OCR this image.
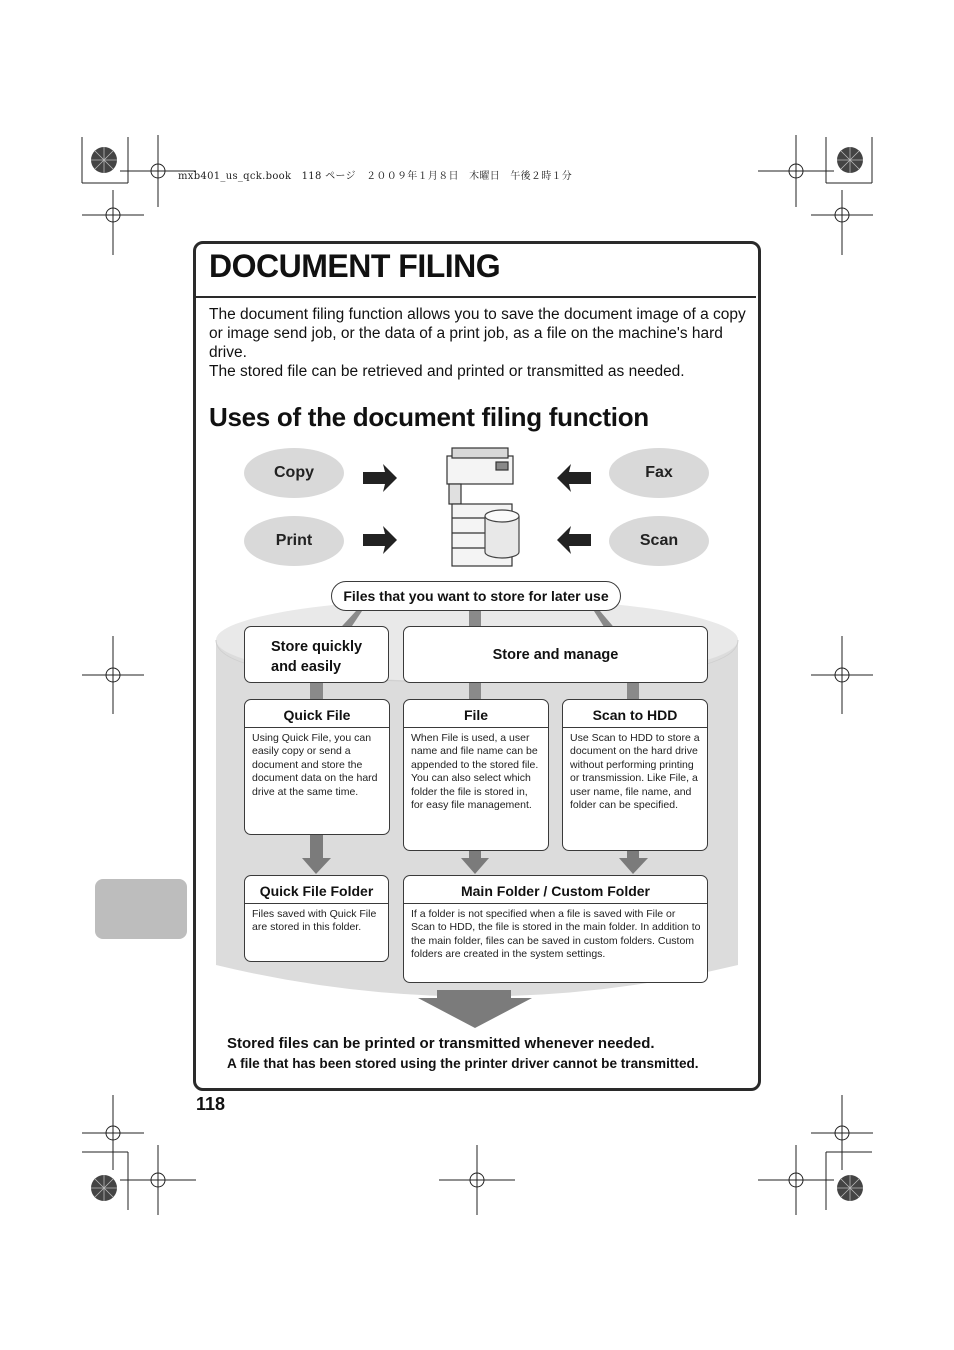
mxb401_us_qck.book　118 ページ　２００９年１月８日　木曜日　午後２時１分
DOCUMENT FILING

The document filing function allows you to save the document image of a copy or image send job, or the data of a print job, as a file on the machine's hard drive.

The stored file can be retrieved and printed or transmitted as needed.

Uses of the document filing function
Copy
Print
Fax
Scan
Files that you want to store for later use
Store quickly and easily
Store and manage
Quick File
Using Quick File, you can easily copy or send a document and store the document data on the hard drive at the same time.
File
When File is used, a user name and file name can be appended to the stored file. You can also select which folder the file is stored in, for easy file management.
Scan to HDD
Use Scan to HDD to store a document on the hard drive without performing printing or transmission. Like File, a user name, file name, and folder can be specified.
Quick File Folder
Files saved with Quick File are stored in this folder.
Main Folder / Custom Folder
If a folder is not specified when a file is saved with File or Scan to HDD, the file is stored in the main folder. In addition to the main folder, files can be saved in custom folders. Custom folders are created in the system settings.
Stored files can be printed or transmitted whenever needed.
A file that has been stored using the printer driver cannot be transmitted.
118
